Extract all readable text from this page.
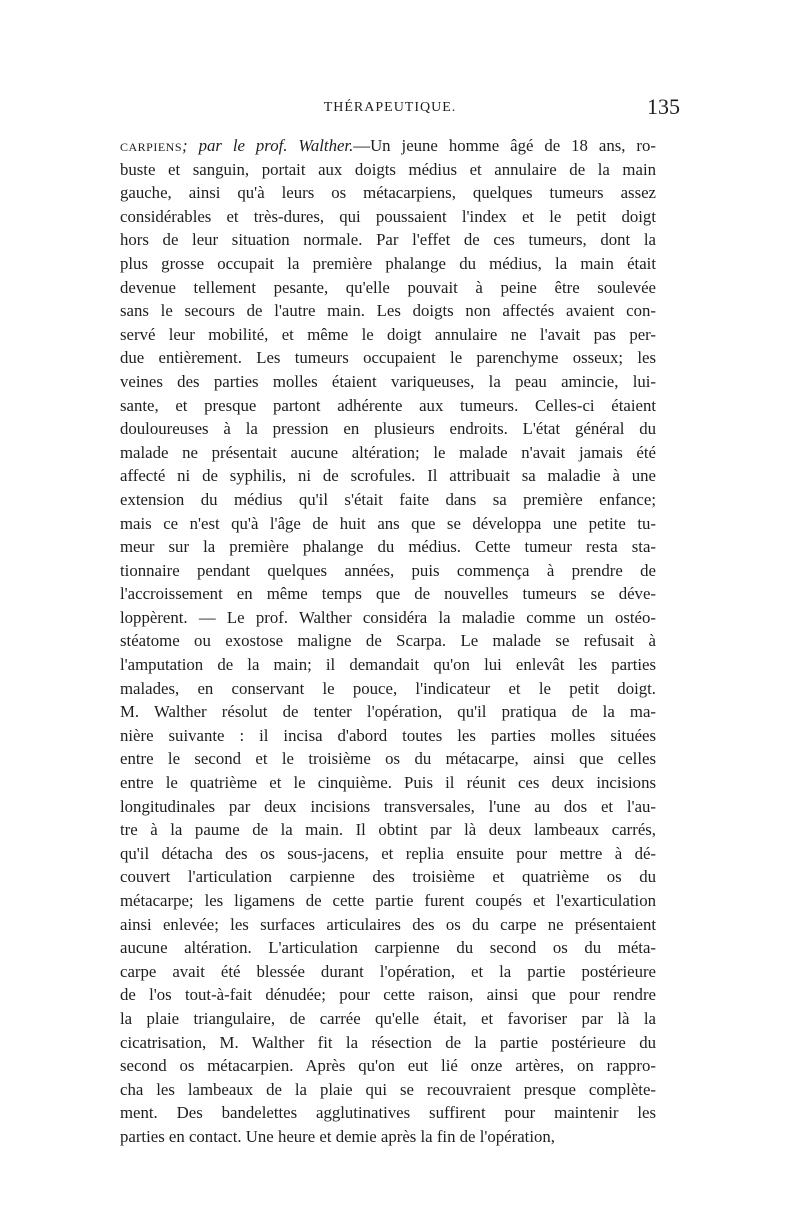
THÉRAPEUTIQUE.	135
CARPIENS; par le prof. Walther.—Un jeune homme âgé de 18 ans, ro-
buste et sanguin, portait aux doigts médius et annulaire de la main
gauche, ainsi qu'à leurs os métacarpiens, quelques tumeurs assez
considérables et très-dures, qui poussaient l'index et le petit doigt
hors de leur situation normale. Par l'effet de ces tumeurs, dont la
plus grosse occupait la première phalange du médius, la main était
devenue tellement pesante, qu'elle pouvait à peine être soulevée
sans le secours de l'autre main. Les doigts non affectés avaient con-
servé leur mobilité, et même le doigt annulaire ne l'avait pas per-
due entièrement. Les tumeurs occupaient le parenchyme osseux; les
veines des parties molles étaient variqueuses, la peau amincie, lui-
sante, et presque partont adhérente aux tumeurs. Celles-ci étaient
douloureuses à la pression en plusieurs endroits. L'état général du
malade ne présentait aucune altération; le malade n'avait jamais été
affecté ni de syphilis, ni de scrofules. Il attribuait sa maladie à une
extension du médius qu'il s'était faite dans sa première enfance;
mais ce n'est qu'à l'âge de huit ans que se développa une petite tu-
meur sur la première phalange du médius. Cette tumeur resta sta-
tionnaire pendant quelques années, puis commença à prendre de
l'accroissement en même temps que de nouvelles tumeurs se déve-
loppèrent. — Le prof. Walther considéra la maladie comme un ostéo-
stéatome ou exostose maligne de Scarpa. Le malade se refusait à
l'amputation de la main; il demandait qu'on lui enlevât les parties
malades, en conservant le pouce, l'indicateur et le petit doigt.
M. Walther résolut de tenter l'opération, qu'il pratiqua de la ma-
nière suivante : il incisa d'abord toutes les parties molles situées
entre le second et le troisième os du métacarpe, ainsi que celles
entre le quatrième et le cinquième. Puis il réunit ces deux incisions
longitudinales par deux incisions transversales, l'une au dos et l'au-
tre à la paume de la main. Il obtint par là deux lambeaux carrés,
qu'il détacha des os sous-jacens, et replia ensuite pour mettre à dé-
couvert l'articulation carpienne des troisième et quatrième os du
métacarpe; les ligamens de cette partie furent coupés et l'exarticulation
ainsi enlevée; les surfaces articulaires des os du carpe ne présentaient
aucune altération. L'articulation carpienne du second os du méta-
carpe avait été blessée durant l'opération, et la partie postérieure
de l'os tout-à-fait dénudée; pour cette raison, ainsi que pour rendre
la plaie triangulaire, de carrée qu'elle était, et favoriser par là la
cicatrisation, M. Walther fit la résection de la partie postérieure du
second os métacarpien. Après qu'on eut lié onze artères, on rappro-
cha les lambeaux de la plaie qui se recouvraient presque complète-
ment. Des bandelettes agglutinatives suffirent pour maintenir les
parties en contact. Une heure et demie après la fin de l'opération,
